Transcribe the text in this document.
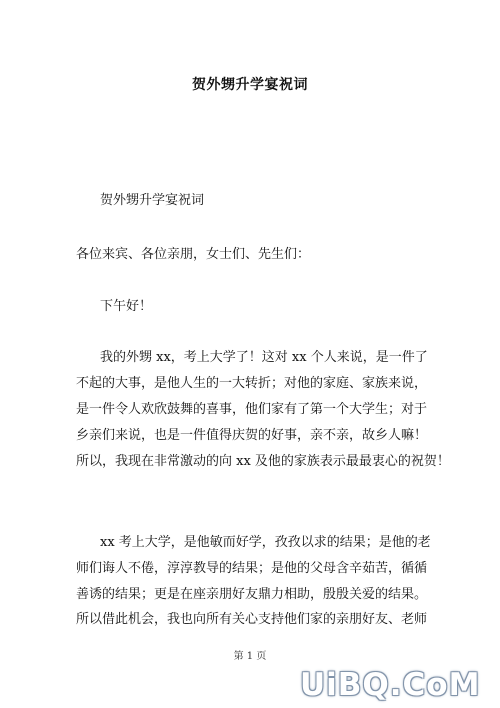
贺外甥升学宴祝词
贺外甥升学宴祝词
各位来宾、各位亲朋，女士们、先生们：
下午好！
我的外甥 xx，考上大学了！这对 xx 个人来说，是一件了
不起的大事，是他人生的一大转折；对他的家庭、家族来说，
是一件令人欢欣鼓舞的喜事，他们家有了第一个大学生；对于
乡亲们来说，也是一件值得庆贺的好事，亲不亲，故乡人嘛！
所以，我现在非常激动的向 xx 及他的家族表示最最衷心的祝贺！
xx 考上大学，是他敏而好学，孜孜以求的结果；是他的老
师们诲人不倦，淳淳教导的结果；是他的父母含辛茹苦，循循
善诱的结果；更是在座亲朋好友鼎力相助，殷殷关爱的结果。
所以借此机会，我也向所有关心支持他们家的亲朋好友、老师
第 1 页
UiBQ.CoM
